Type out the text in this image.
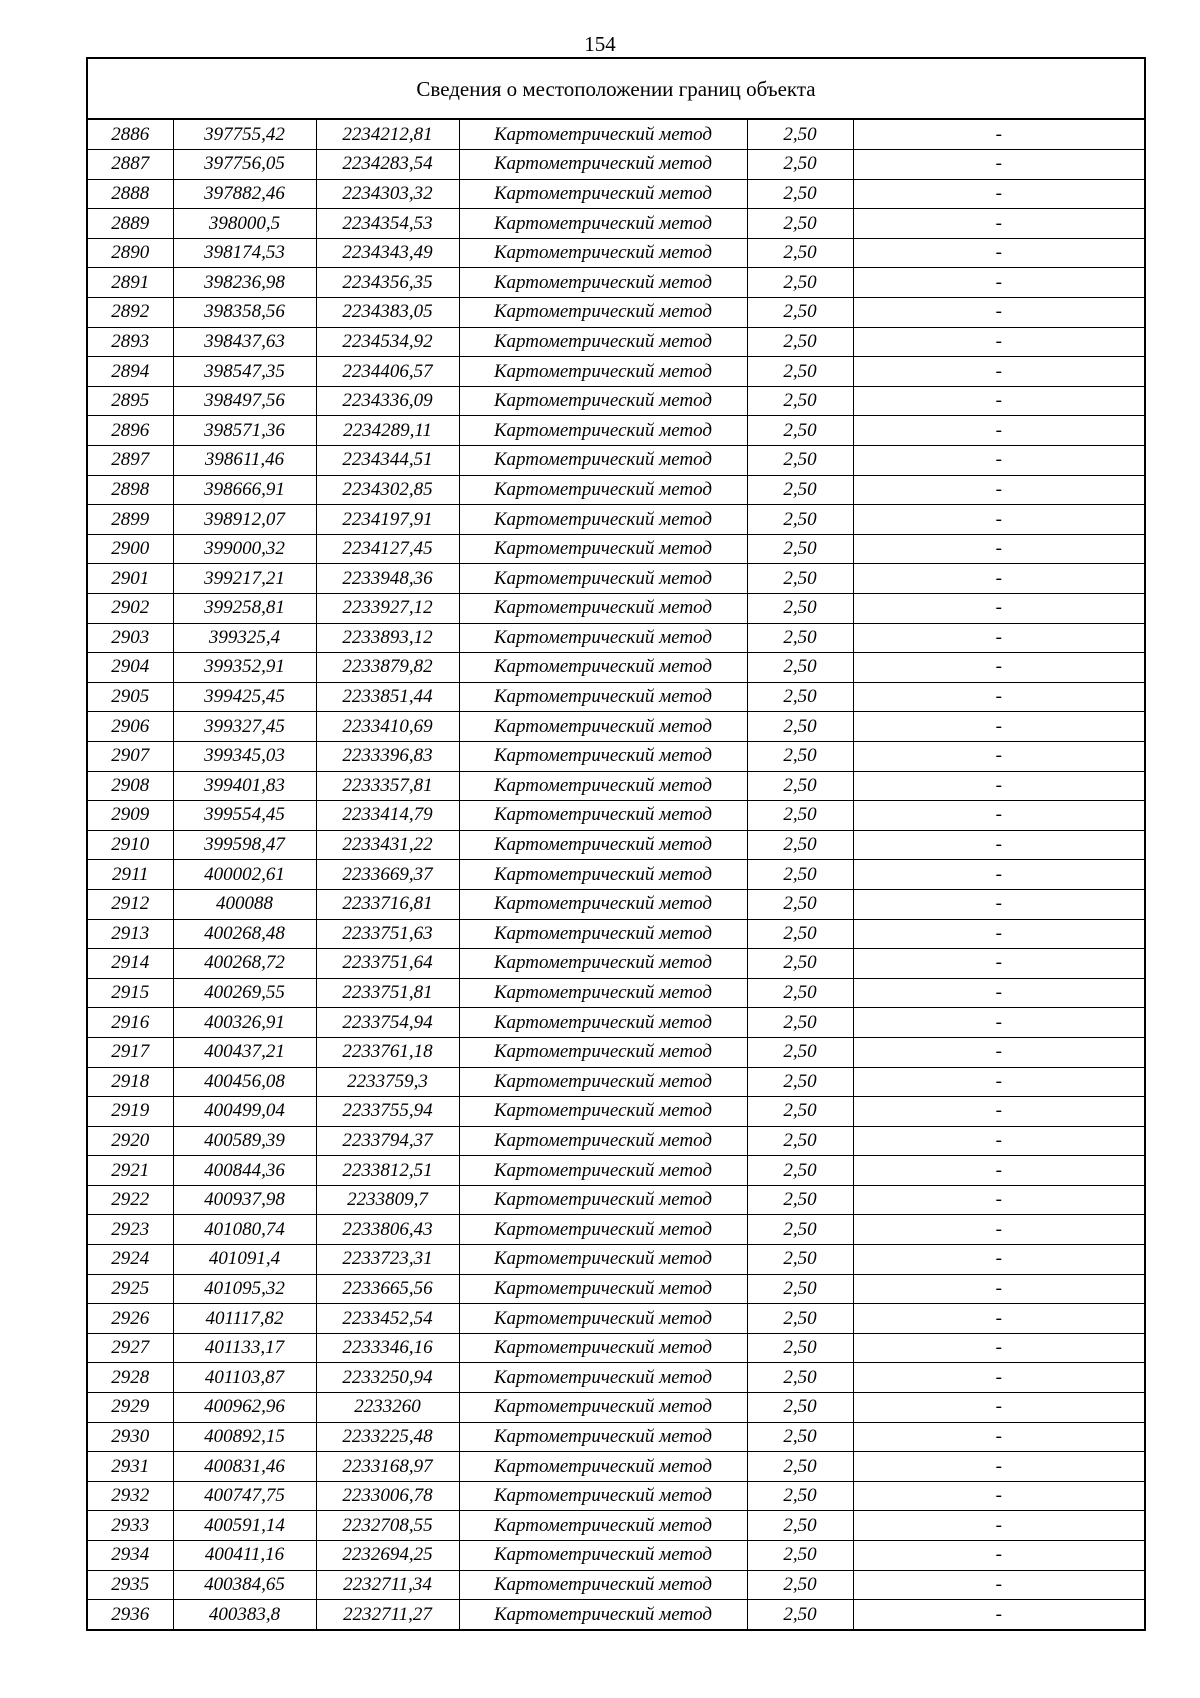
154
Сведения о местоположении границ объекта
2886	397755,42	2234212,81	Картометрический метод	2,50	-
2887	397756,05	2234283,54	Картометрический метод	2,50	-
2888	397882,46	2234303,32	Картометрический метод	2,50	-
2889	398000,5	2234354,53	Картометрический метод	2,50	-
2890	398174,53	2234343,49	Картометрический метод	2,50	-
2891	398236,98	2234356,35	Картометрический метод	2,50	-
2892	398358,56	2234383,05	Картометрический метод	2,50	-
2893	398437,63	2234534,92	Картометрический метод	2,50	-
2894	398547,35	2234406,57	Картометрический метод	2,50	-
2895	398497,56	2234336,09	Картометрический метод	2,50	-
2896	398571,36	2234289,11	Картометрический метод	2,50	-
2897	398611,46	2234344,51	Картометрический метод	2,50	-
2898	398666,91	2234302,85	Картометрический метод	2,50	-
2899	398912,07	2234197,91	Картометрический метод	2,50	-
2900	399000,32	2234127,45	Картометрический метод	2,50	-
2901	399217,21	2233948,36	Картометрический метод	2,50	-
2902	399258,81	2233927,12	Картометрический метод	2,50	-
2903	399325,4	2233893,12	Картометрический метод	2,50	-
2904	399352,91	2233879,82	Картометрический метод	2,50	-
2905	399425,45	2233851,44	Картометрический метод	2,50	-
2906	399327,45	2233410,69	Картометрический метод	2,50	-
2907	399345,03	2233396,83	Картометрический метод	2,50	-
2908	399401,83	2233357,81	Картометрический метод	2,50	-
2909	399554,45	2233414,79	Картометрический метод	2,50	-
2910	399598,47	2233431,22	Картометрический метод	2,50	-
2911	400002,61	2233669,37	Картометрический метод	2,50	-
2912	400088	2233716,81	Картометрический метод	2,50	-
2913	400268,48	2233751,63	Картометрический метод	2,50	-
2914	400268,72	2233751,64	Картометрический метод	2,50	-
2915	400269,55	2233751,81	Картометрический метод	2,50	-
2916	400326,91	2233754,94	Картометрический метод	2,50	-
2917	400437,21	2233761,18	Картометрический метод	2,50	-
2918	400456,08	2233759,3	Картометрический метод	2,50	-
2919	400499,04	2233755,94	Картометрический метод	2,50	-
2920	400589,39	2233794,37	Картометрический метод	2,50	-
2921	400844,36	2233812,51	Картометрический метод	2,50	-
2922	400937,98	2233809,7	Картометрический метод	2,50	-
2923	401080,74	2233806,43	Картометрический метод	2,50	-
2924	401091,4	2233723,31	Картометрический метод	2,50	-
2925	401095,32	2233665,56	Картометрический метод	2,50	-
2926	401117,82	2233452,54	Картометрический метод	2,50	-
2927	401133,17	2233346,16	Картометрический метод	2,50	-
2928	401103,87	2233250,94	Картометрический метод	2,50	-
2929	400962,96	2233260	Картометрический метод	2,50	-
2930	400892,15	2233225,48	Картометрический метод	2,50	-
2931	400831,46	2233168,97	Картометрический метод	2,50	-
2932	400747,75	2233006,78	Картометрический метод	2,50	-
2933	400591,14	2232708,55	Картометрический метод	2,50	-
2934	400411,16	2232694,25	Картометрический метод	2,50	-
2935	400384,65	2232711,34	Картометрический метод	2,50	-
2936	400383,8	2232711,27	Картометрический метод	2,50	-
